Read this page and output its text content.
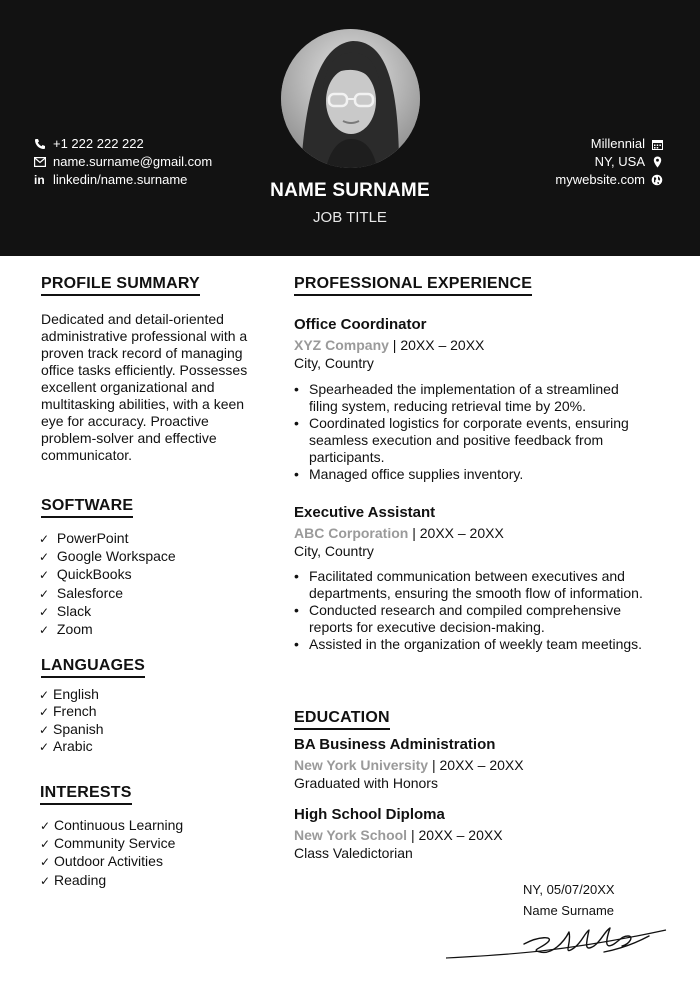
+1 222 222 222
name.surname@gmail.com
in linkedin/name.surname
Millennial
NY, USA
mywebsite.com
NAME SURNAME
JOB TITLE
PROFILE SUMMARY
Dedicated and detail-oriented administrative professional with a proven track record of managing office tasks efficiently. Possesses excellent organizational and multitasking abilities, with a keen eye for accuracy. Proactive problem-solver and effective communicator.
SOFTWARE
✓ PowerPoint
✓ Google Workspace
✓ QuickBooks
✓ Salesforce
✓ Slack
✓ Zoom
LANGUAGES
✓ English
✓ French
✓ Spanish
✓ Arabic
INTERESTS
✓ Continuous Learning
✓ Community Service
✓ Outdoor Activities
✓ Reading
PROFESSIONAL EXPERIENCE
Office Coordinator
XYZ Company | 20XX – 20XX
City, Country
• Spearheaded the implementation of a streamlined filing system, reducing retrieval time by 20%.
• Coordinated logistics for corporate events, ensuring seamless execution and positive feedback from participants.
• Managed office supplies inventory.
Executive Assistant
ABC Corporation | 20XX – 20XX
City, Country
• Facilitated communication between executives and departments, ensuring the smooth flow of information.
• Conducted research and compiled comprehensive reports for executive decision-making.
• Assisted in the organization of weekly team meetings.
EDUCATION
BA Business Administration
New York University | 20XX – 20XX
Graduated with Honors
High School Diploma
New York School | 20XX – 20XX
Class Valedictorian
NY, 05/07/20XX
Name Surname
